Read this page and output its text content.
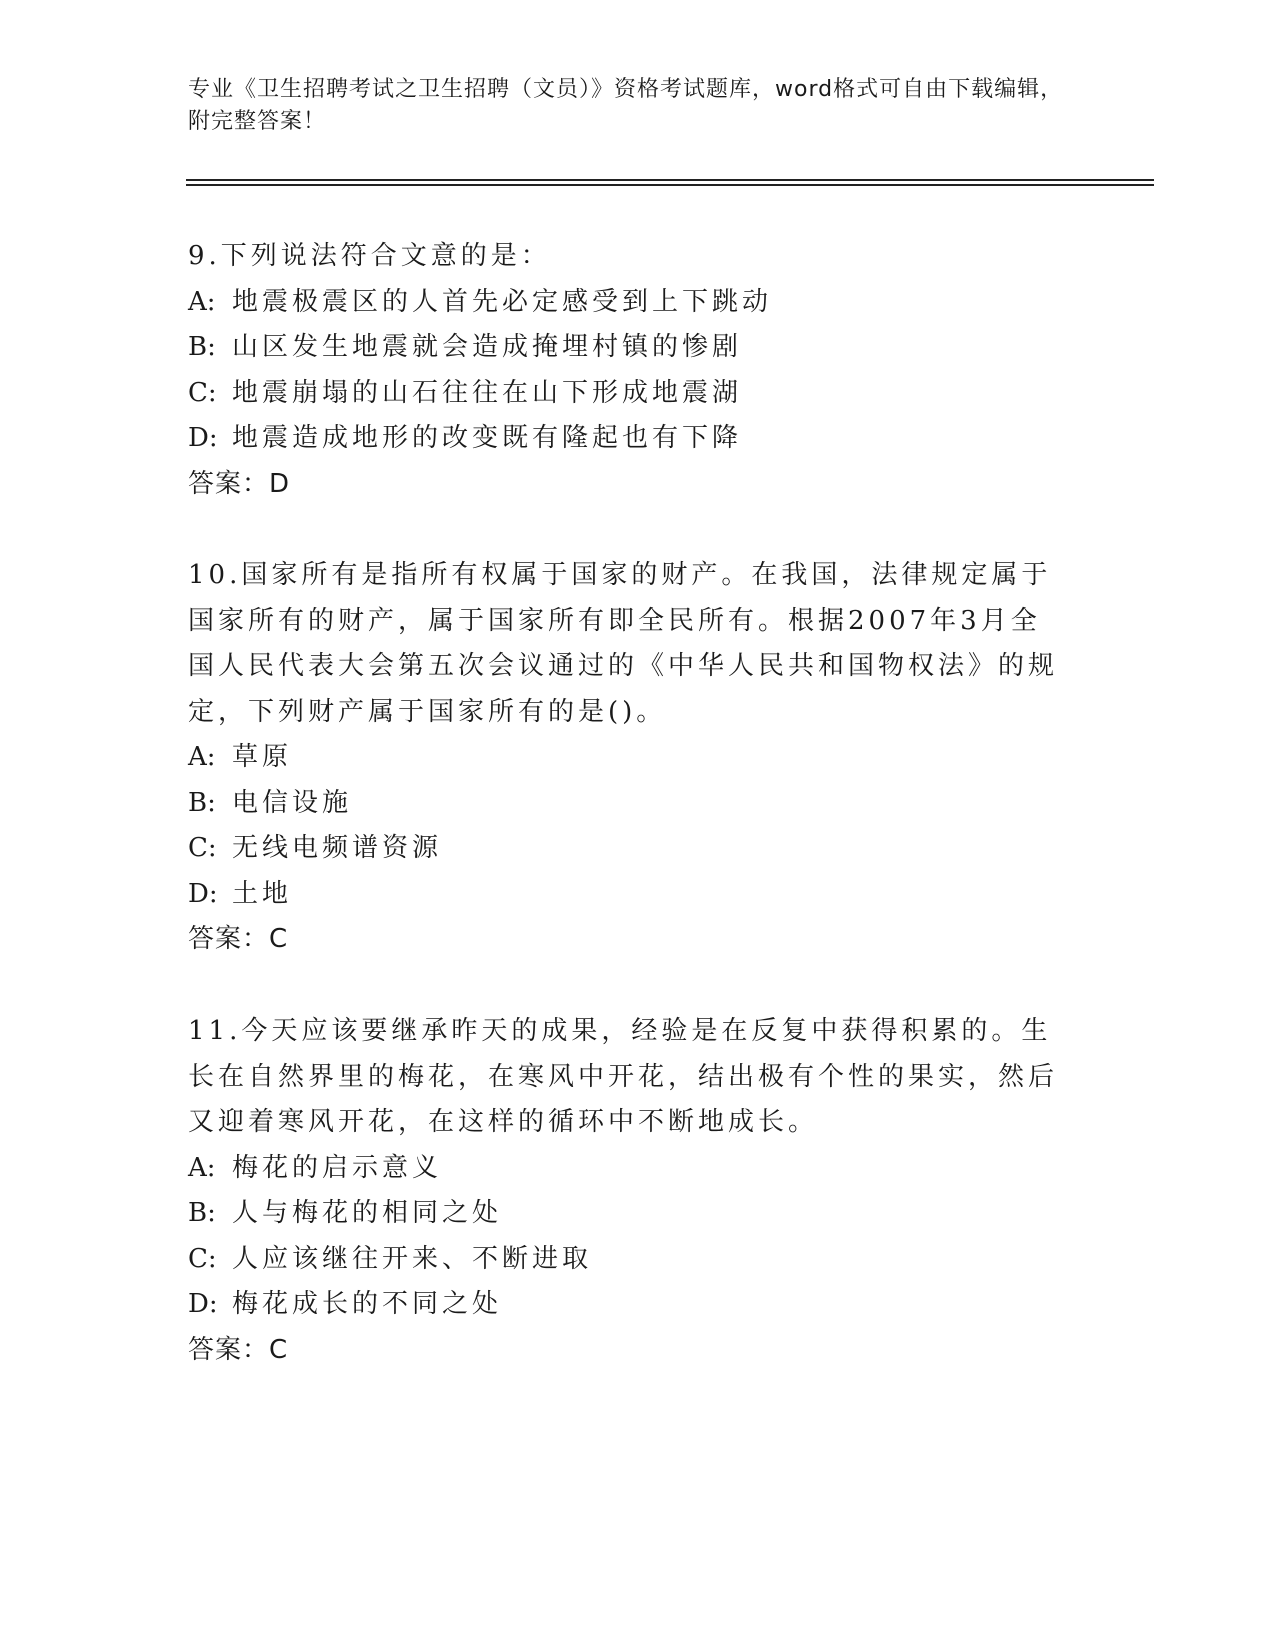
专业《卫生招聘考试之卫生招聘（文员）》资格考试题库，word格式可自由下载编辑，附完整答案！

9.下列说法符合文意的是：

A: 地震极震区的人首先必定感受到上下跳动
B: 山区发生地震就会造成掩埋村镇的惨剧
C: 地震崩塌的山石往往在山下形成地震湖
D: 地震造成地形的改变既有隆起也有下降
答案：D

10.国家所有是指所有权属于国家的财产。在我国，法律规定属于国家所有的财产，属于国家所有即全民所有。根据2007年3月全国人民代表大会第五次会议通过的《中华人民共和国物权法》的规定，下列财产属于国家所有的是()。

A: 草原
B: 电信设施
C: 无线电频谱资源
D: 土地
答案：C

11.今天应该要继承昨天的成果，经验是在反复中获得积累的。生长在自然界里的梅花，在寒风中开花，结出极有个性的果实，然后又迎着寒风开花，在这样的循环中不断地成长。

A: 梅花的启示意义
B: 人与梅花的相同之处
C: 人应该继往开来、不断进取
D: 梅花成长的不同之处
答案：C
